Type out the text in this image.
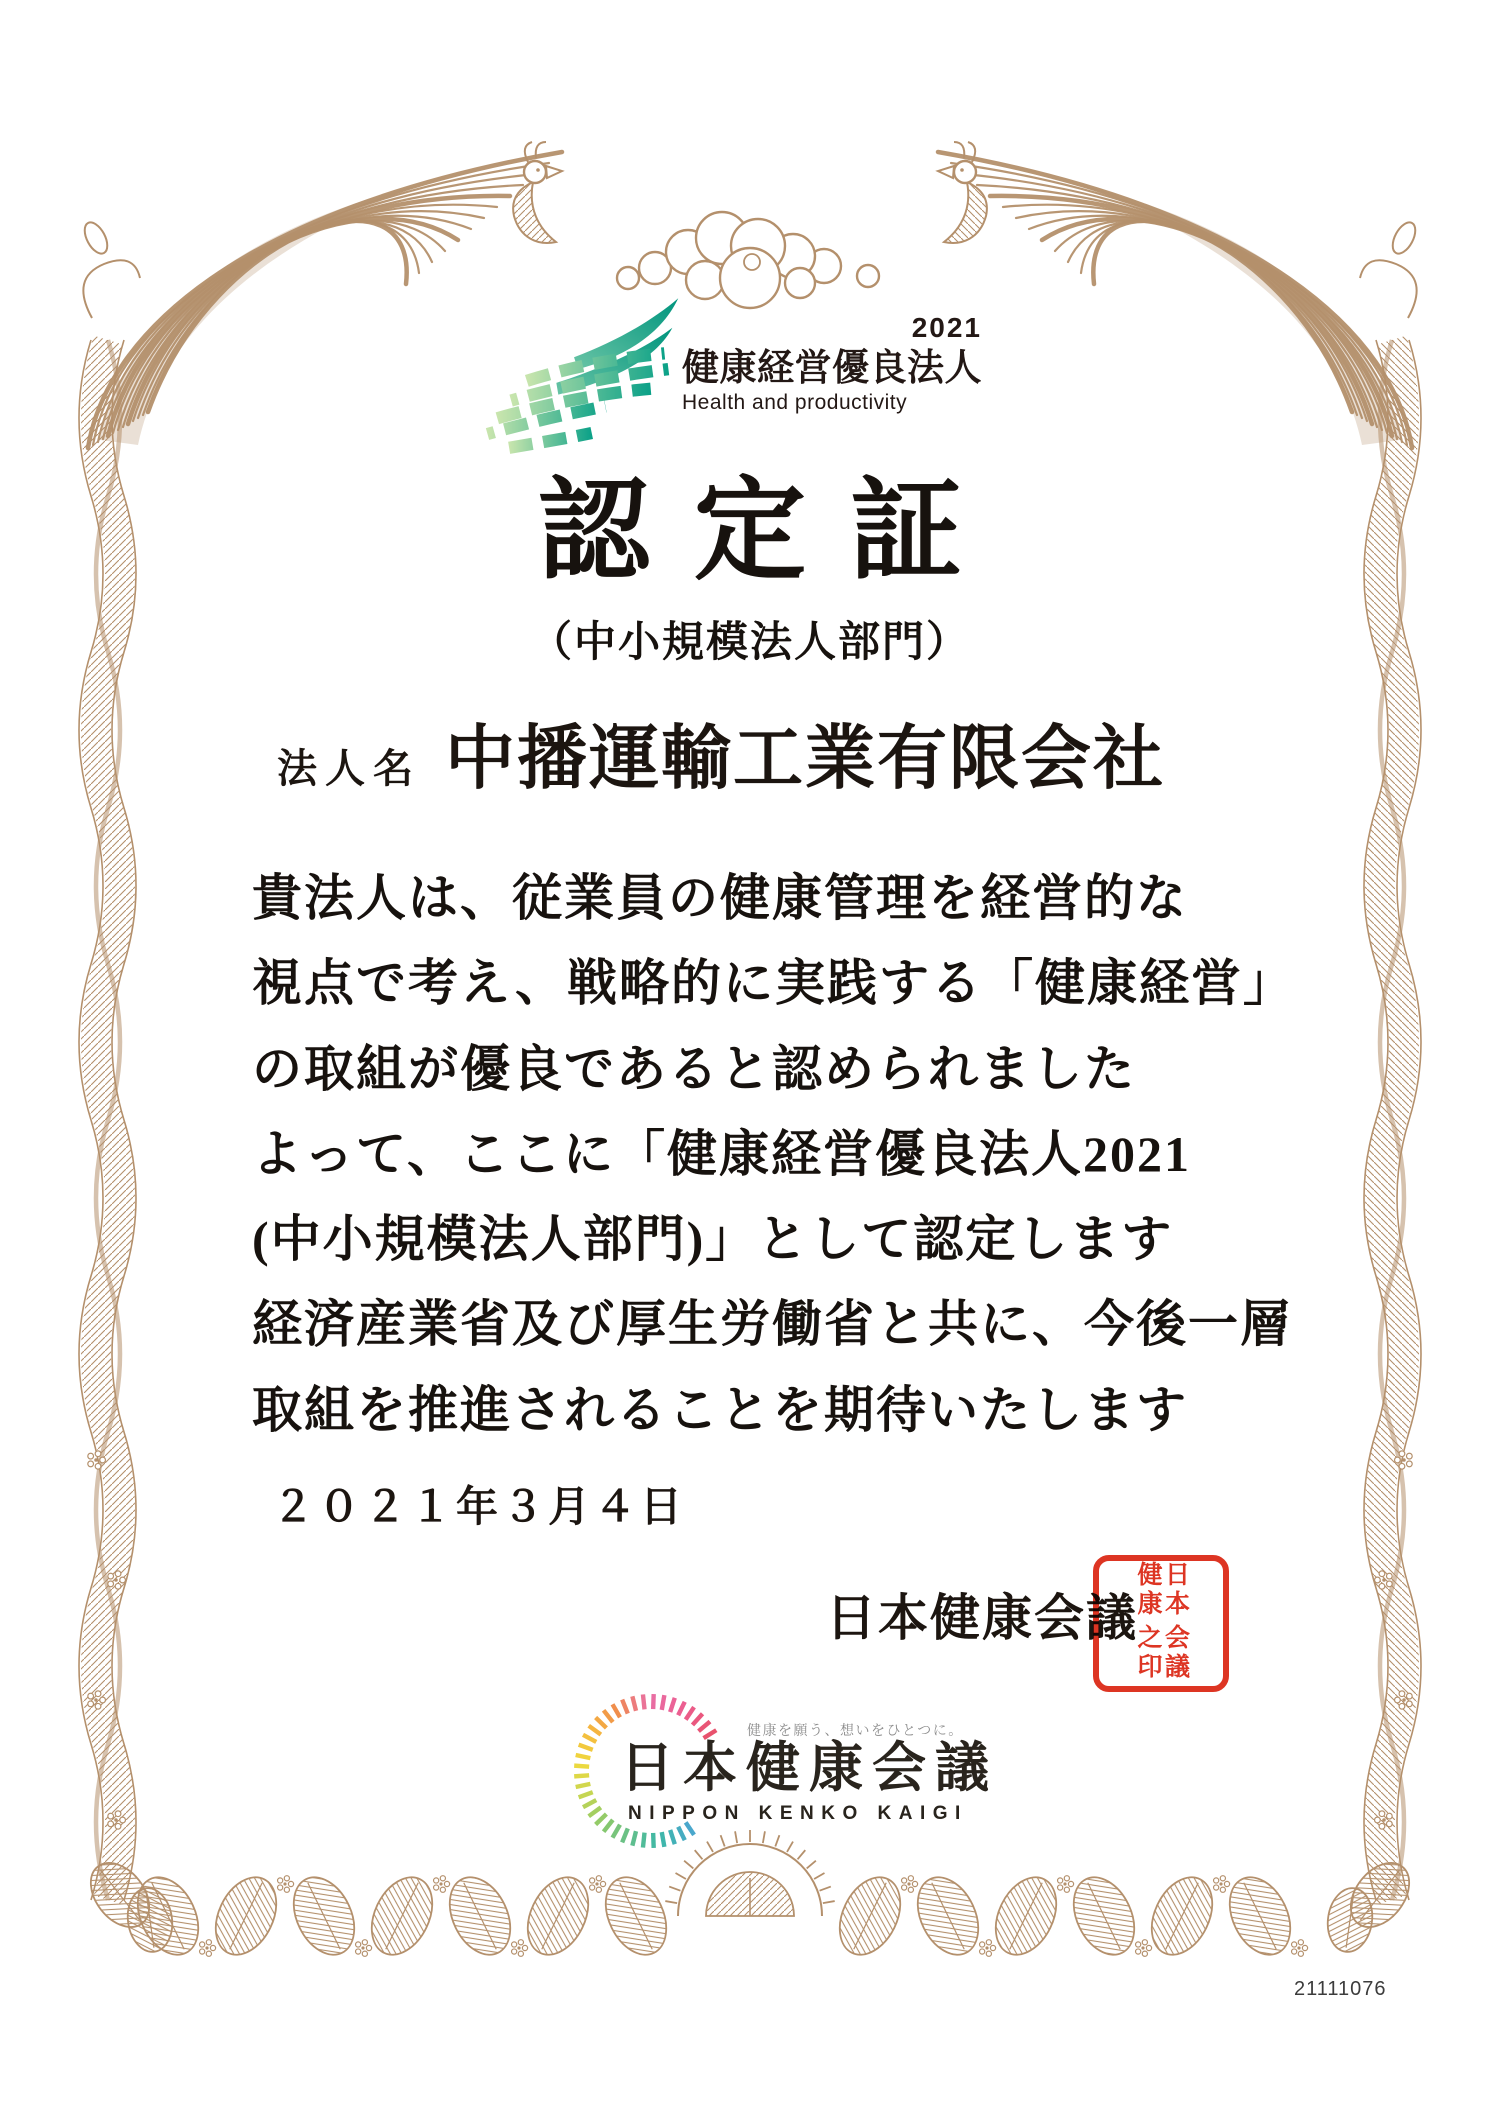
2021
健康経営優良法人
Health and productivity
認定証
（中小規模法人部門）
法人名 中播運輸工業有限会社
貴法人は、従業員の健康管理を経営的な
視点で考え、戦略的に実践する「健康経営」
の取組が優良であると認められました
よって、ここに「健康経営優良法人2021
(中小規模法人部門)」として認定します
経済産業省及び厚生労働省と共に、今後一層
取組を推進されることを期待いたします
２０２１年３月４日
日本健康会議 日本健康
会議之印
健康を願う、想いをひとつに。
日本健康会議
NIPPON KENKO KAIGI
21111076
